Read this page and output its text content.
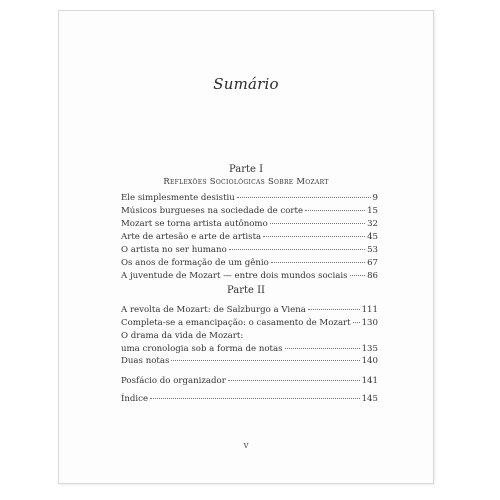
Sumário
Parte I
Reflexões Sociológicas Sobre Mozart
Ele simplesmente desistiu	9
Músicos burgueses na sociedade de corte	15
Mozart se torna artista autônomo	32
Arte de artesão e arte de artista	45
O artista no ser humano	53
Os anos de formação de um gênio	67
A juventude de Mozart — entre dois mundos sociais 86
Parte II
A revolta de Mozart: de Salzburgo a Viena	111
Completa-se a emancipação: o casamento de Mozart 130
O drama da vida de Mozart:
uma cronologia sob a forma de notas	135
Duas notas	140
Posfácio do organizador	141
Índice	145
v
